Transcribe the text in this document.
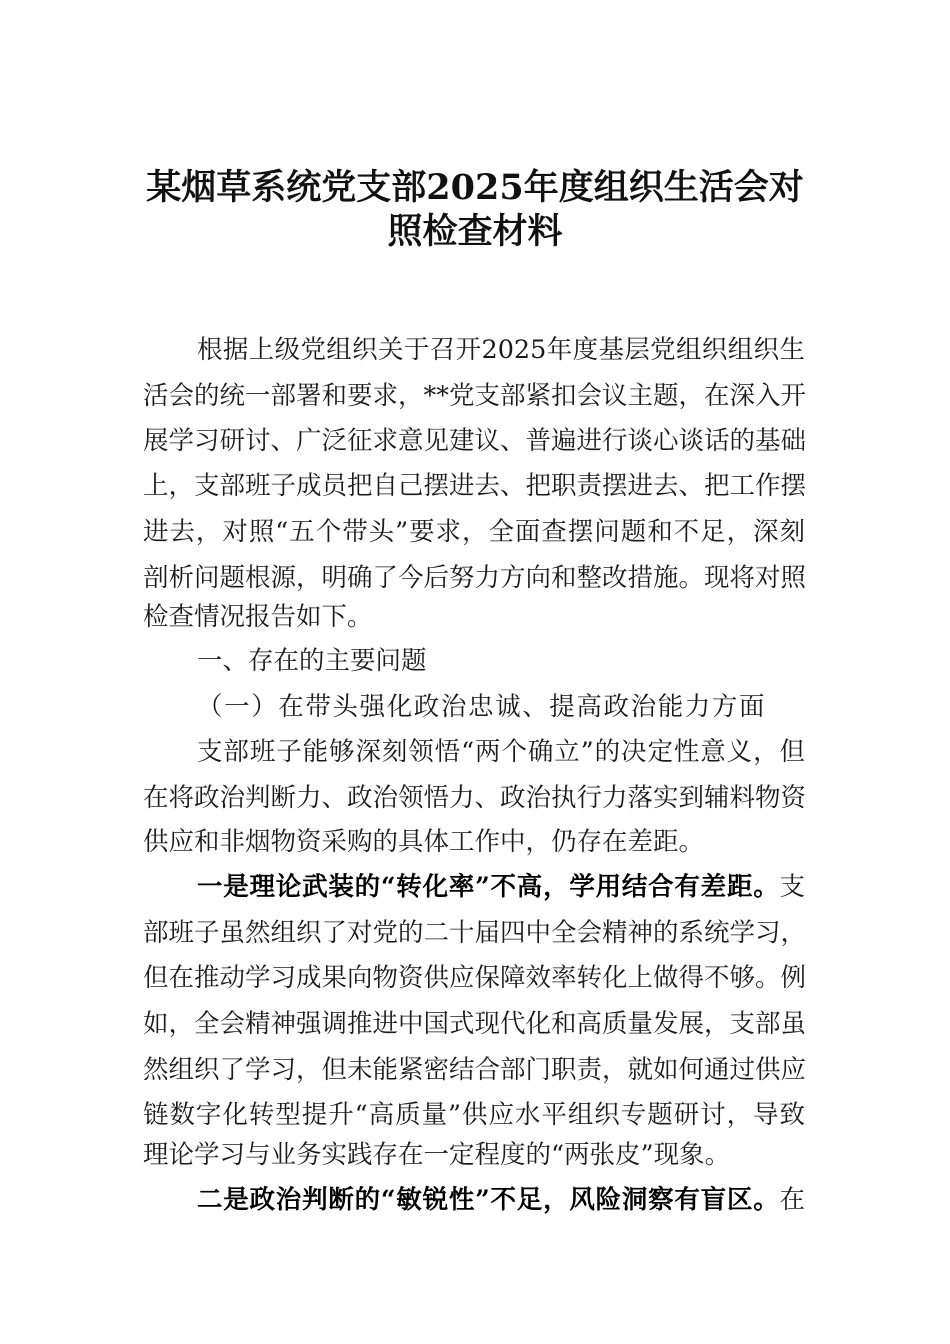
某烟草系统党支部2025年度组织生活会对
照检查材料
根据上级党组织关于召开2025年度基层党组织组织生
活会的统一部署和要求，**党支部紧扣会议主题，在深入开
展学习研讨、广泛征求意见建议、普遍进行谈心谈话的基础
上，支部班子成员把自己摆进去、把职责摆进去、把工作摆
进去，对照“五个带头”要求，全面查摆问题和不足，深刻
剖析问题根源，明确了今后努力方向和整改措施。现将对照
检查情况报告如下。
一、存在的主要问题
（一）在带头强化政治忠诚、提高政治能力方面
支部班子能够深刻领悟“两个确立”的决定性意义，但
在将政治判断力、政治领悟力、政治执行力落实到辅料物资
供应和非烟物资采购的具体工作中，仍存在差距。
一是理论武装的“转化率”不高，学用结合有差距。支
部班子虽然组织了对党的二十届四中全会精神的系统学习，
但在推动学习成果向物资供应保障效率转化上做得不够。例
如，全会精神强调推进中国式现代化和高质量发展，支部虽
然组织了学习，但未能紧密结合部门职责，就如何通过供应
链数字化转型提升“高质量”供应水平组织专题研讨，导致
理论学习与业务实践存在一定程度的“两张皮”现象。
二是政治判断的“敏锐性”不足，风险洞察有盲区。在
